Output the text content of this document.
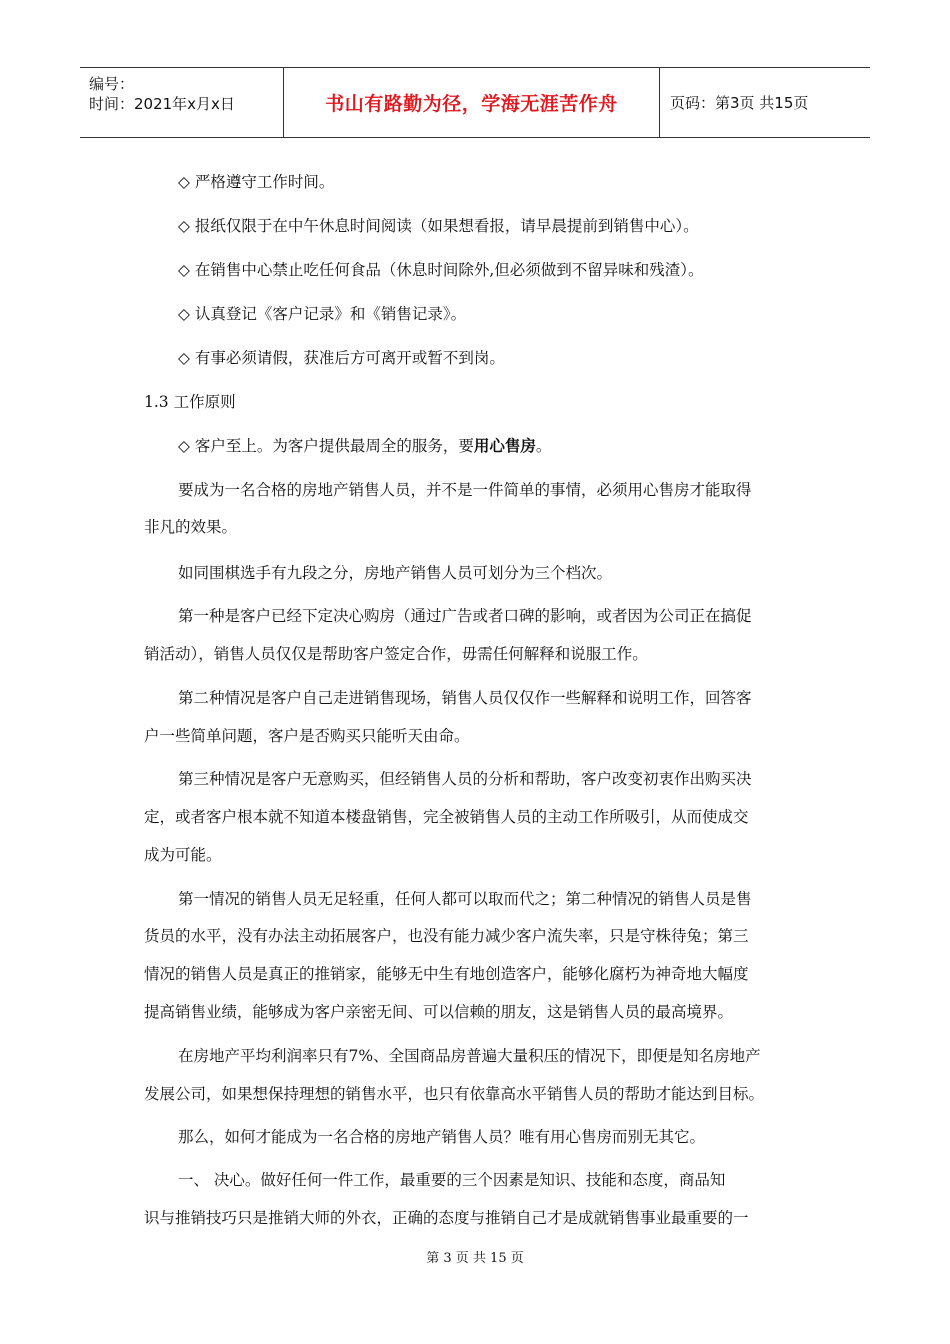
编号：
时间：2021年x月x日	书山有路勤为径，学海无涯苦作舟	页码：第3页 共15页
◇ 严格遵守工作时间。
◇ 报纸仅限于在中午休息时间阅读（如果想看报，请早晨提前到销售中心）。
◇ 在销售中心禁止吃任何食品（休息时间除外,但必须做到不留异味和残渣）。
◇ 认真登记《客户记录》和《销售记录》。
◇ 有事必须请假，获准后方可离开或暂不到岗。
1.3 工作原则
◇ 客户至上。为客户提供最周全的服务，要用心售房。
要成为一名合格的房地产销售人员，并不是一件简单的事情，必须用心售房才能取得
非凡的效果。
如同围棋选手有九段之分，房地产销售人员可划分为三个档次。
第一种是客户已经下定决心购房（通过广告或者口碑的影响，或者因为公司正在搞促
销活动），销售人员仅仅是帮助客户签定合作，毋需任何解释和说服工作。
第二种情况是客户自己走进销售现场，销售人员仅仅作一些解释和说明工作，回答客
户一些简单问题，客户是否购买只能听天由命。
第三种情况是客户无意购买，但经销售人员的分析和帮助，客户改变初衷作出购买决
定，或者客户根本就不知道本楼盘销售，完全被销售人员的主动工作所吸引，从而使成交
成为可能。
第一情况的销售人员无足轻重，任何人都可以取而代之；第二种情况的销售人员是售
货员的水平，没有办法主动拓展客户，也没有能力减少客户流失率，只是守株待兔；第三
情况的销售人员是真正的推销家，能够无中生有地创造客户，能够化腐朽为神奇地大幅度
提高销售业绩，能够成为客户亲密无间、可以信赖的朋友，这是销售人员的最高境界。
在房地产平均利润率只有7%、全国商品房普遍大量积压的情况下，即便是知名房地产
发展公司，如果想保持理想的销售水平，也只有依靠高水平销售人员的帮助才能达到目标。
那么，如何才能成为一名合格的房地产销售人员？唯有用心售房而别无其它。
一、 决心。做好任何一件工作，最重要的三个因素是知识、技能和态度，商品知
识与推销技巧只是推销大师的外衣，正确的态度与推销自己才是成就销售事业最重要的一
第 3 页 共 15 页
